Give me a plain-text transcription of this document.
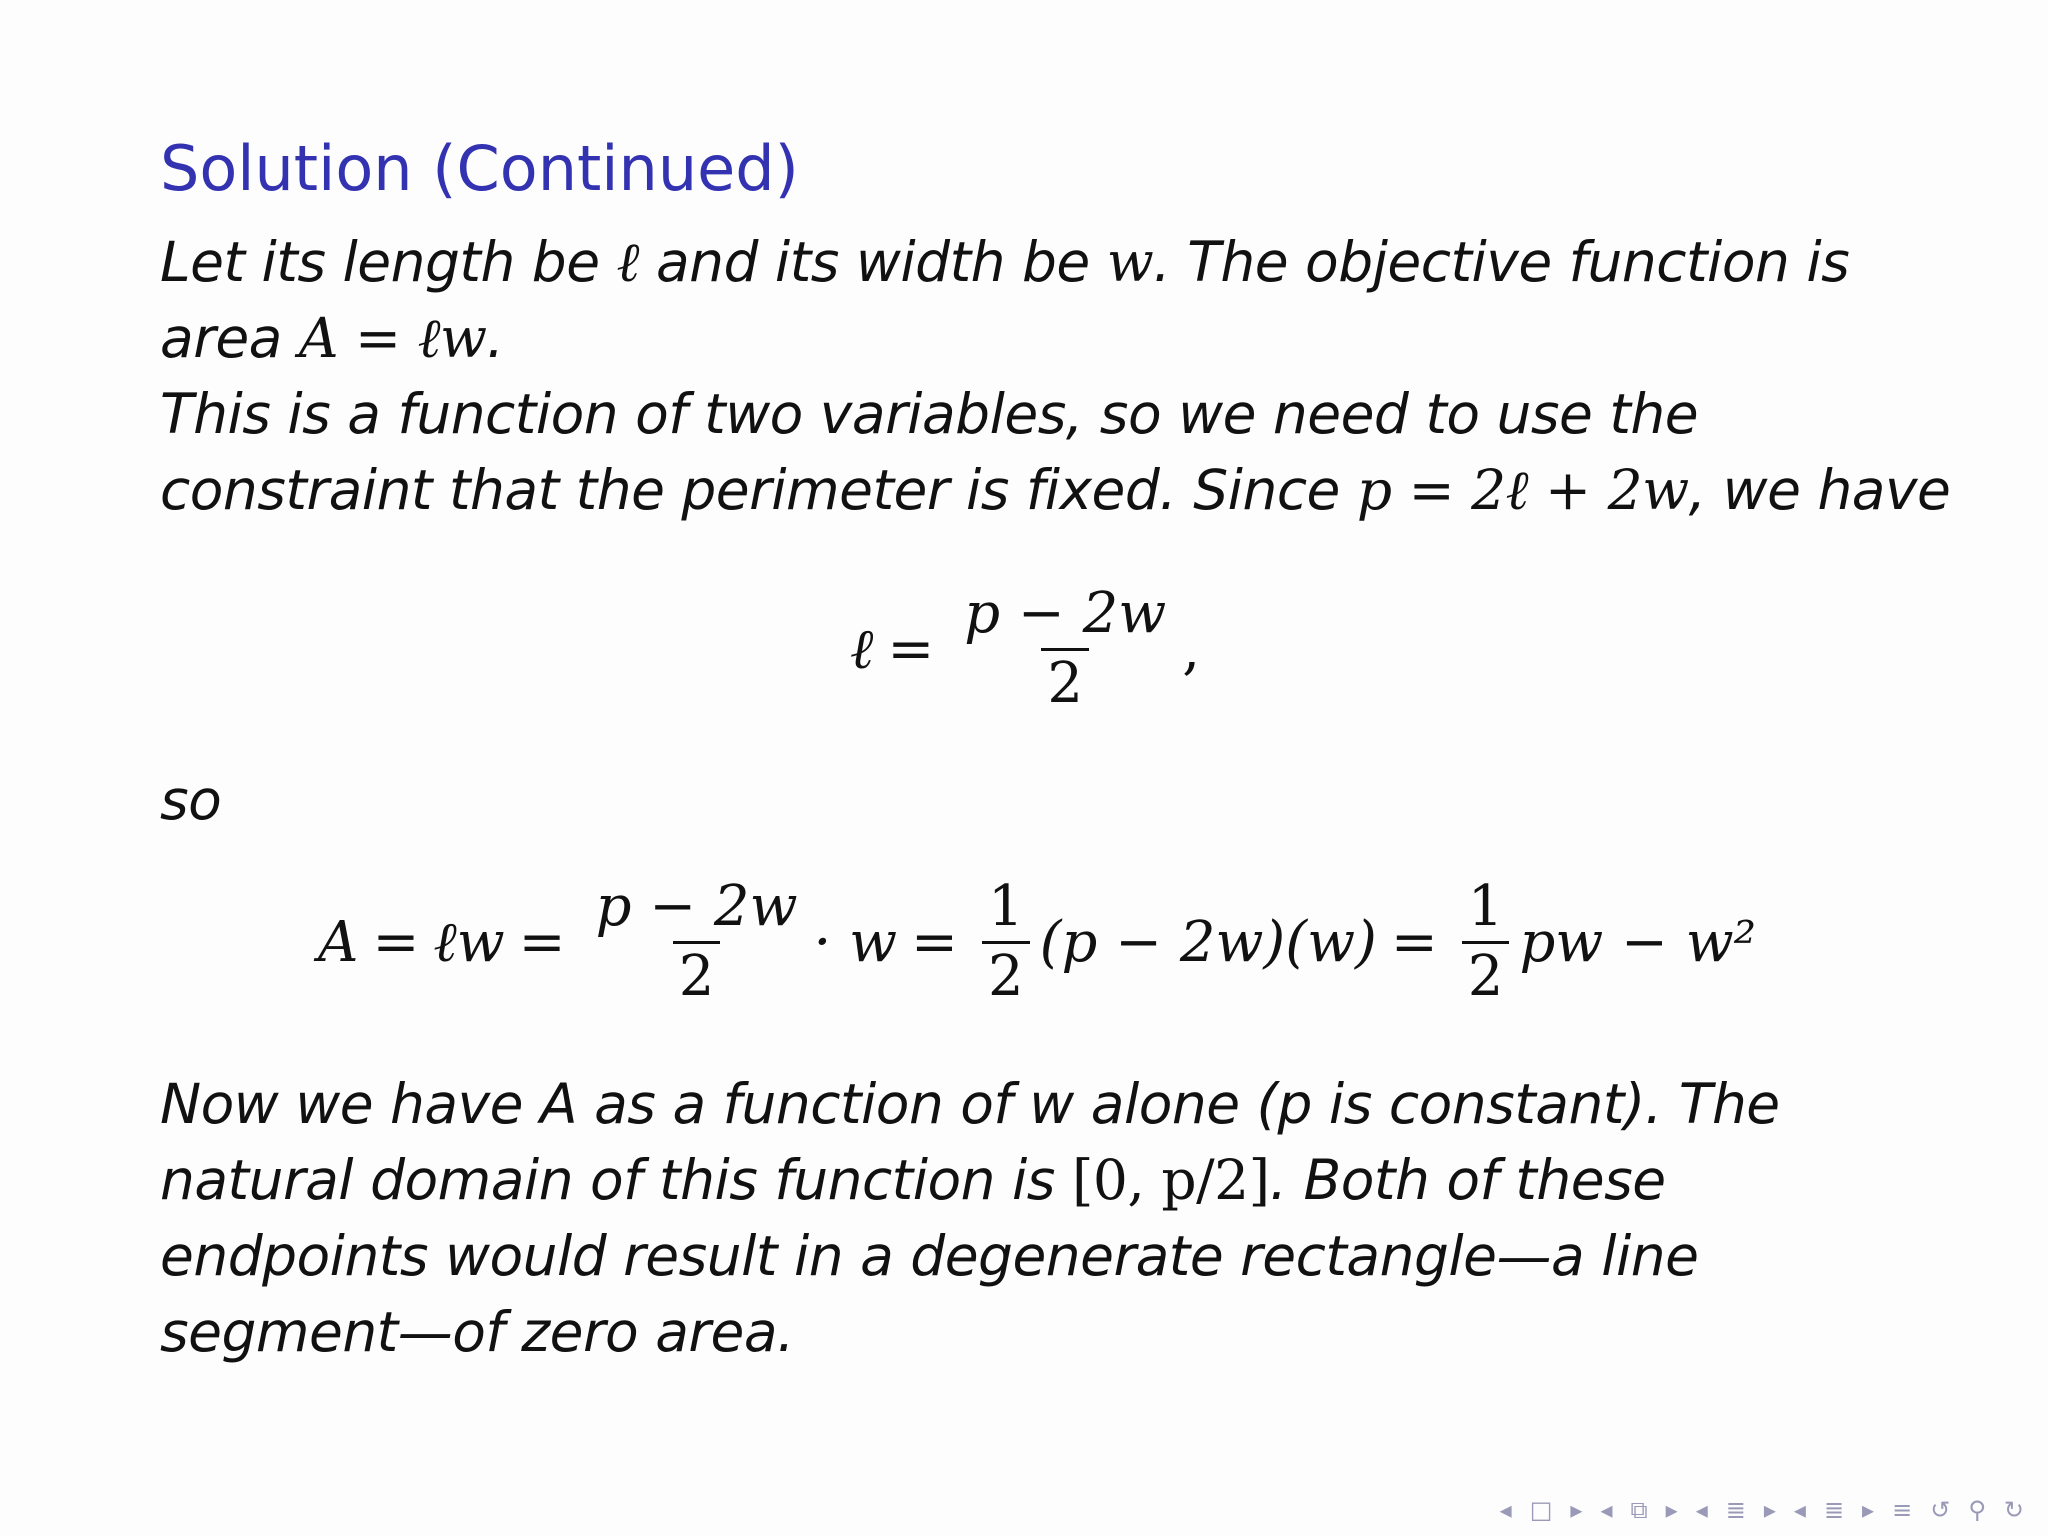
Solution (Continued)
Let its length be ℓ and its width be w. The objective function is
area A = ℓw.
This is a function of two variables, so we need to use the
constraint that the perimeter is fixed. Since p = 2ℓ + 2w, we have
ℓ = $\frac{p - 2w}{2}$ ,
so
A = ℓw = $\frac{p - 2w}{2} \cdot w = \frac{1}{2} (p - 2w)(w) = \frac{1}{2}$ pw − w²
Now we have A as a function of w alone (p is constant). The
natural domain of this function is [0, p/2]. Both of these
endpoints would result in a degenerate rectangle—a line
segment—of zero area.
◂ □ ▸ ◂ ⧉ ▸ ◂ ≣ ▸ ◂ ≣ ▸ ≡ ↺ ⚲ ↻
